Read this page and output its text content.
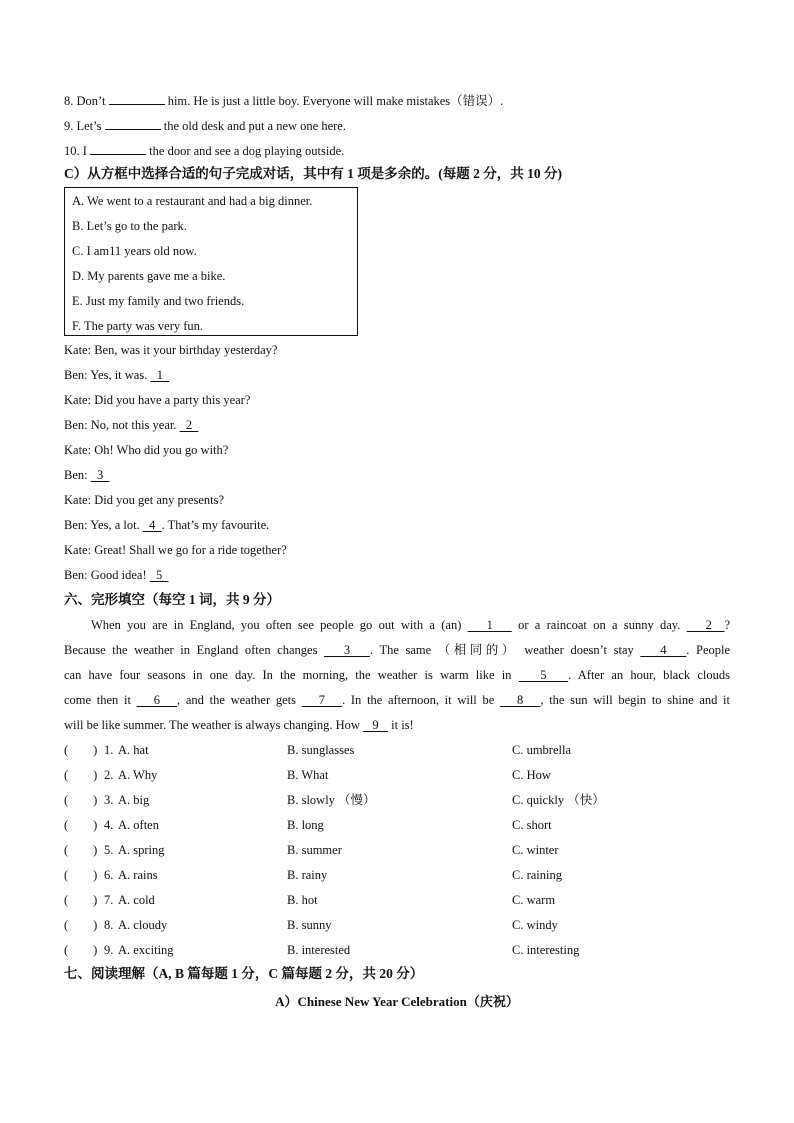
8. Don’t	him. He is just a little boy. Everyone will make mistakes（错误）.
9. Let’s	the old desk and put a new one here.
10. I	the door and see a dog playing outside.
C）从方框中选择合适的句子完成对话，其中有 1 项是多余的。(每题 2 分，共 10 分)
A. We went to a restaurant and had a big dinner.
B. Let’s go to the park.
C. I am11 years old now.
D. My parents gave me a bike.
E. Just my family and two friends.
F. The party was very fun.
Kate: Ben, was it your birthday yesterday?
Ben: Yes, it was.   1
Kate: Did you have a party this year?
Ben: No, not this year.   2
Kate: Oh! Who did you go with?
Ben:   3
Kate: Did you get any presents?
Ben: Yes, a lot.   4  . That’s my favourite.
Kate: Great! Shall we go for a ride together?
Ben: Good idea!   5
六、完形填空（每空 1 词，共 9 分）
When you are in England, you often see people go out with a (an)    1    or a raincoat on a sunny day.    2  ?
Because the weather in England often changes    3   . The same （相同的） weather doesn’t stay    4   . People
can have four seasons in one day. In the morning, the weather is warm like in    5   . After an hour, black clouds
come then it    6   , and the weather gets    7   . In the afternoon, it will be    8   , the sun will begin to shine and it
will be like summer. The weather is always changing. How    9    it is!
(        ) 1. A. hat	B. sunglasses	C. umbrella
(        ) 2. A. Why	B. What	C. How
(        ) 3. A. big	B. slowly （慢）	C. quickly （快）
(        ) 4. A. often	B. long	C. short
(        ) 5. A. spring	B. summer	C. winter
(        ) 6. A. rains	B. rainy	C. raining
(        ) 7. A. cold	B. hot	C. warm
(        ) 8. A. cloudy	B. sunny	C. windy
(        ) 9. A. exciting	B. interested	C. interesting
七、阅读理解（A, B 篇每题 1 分，C 篇每题 2 分，共 20 分）
A）Chinese New Year Celebration（庆祝）
